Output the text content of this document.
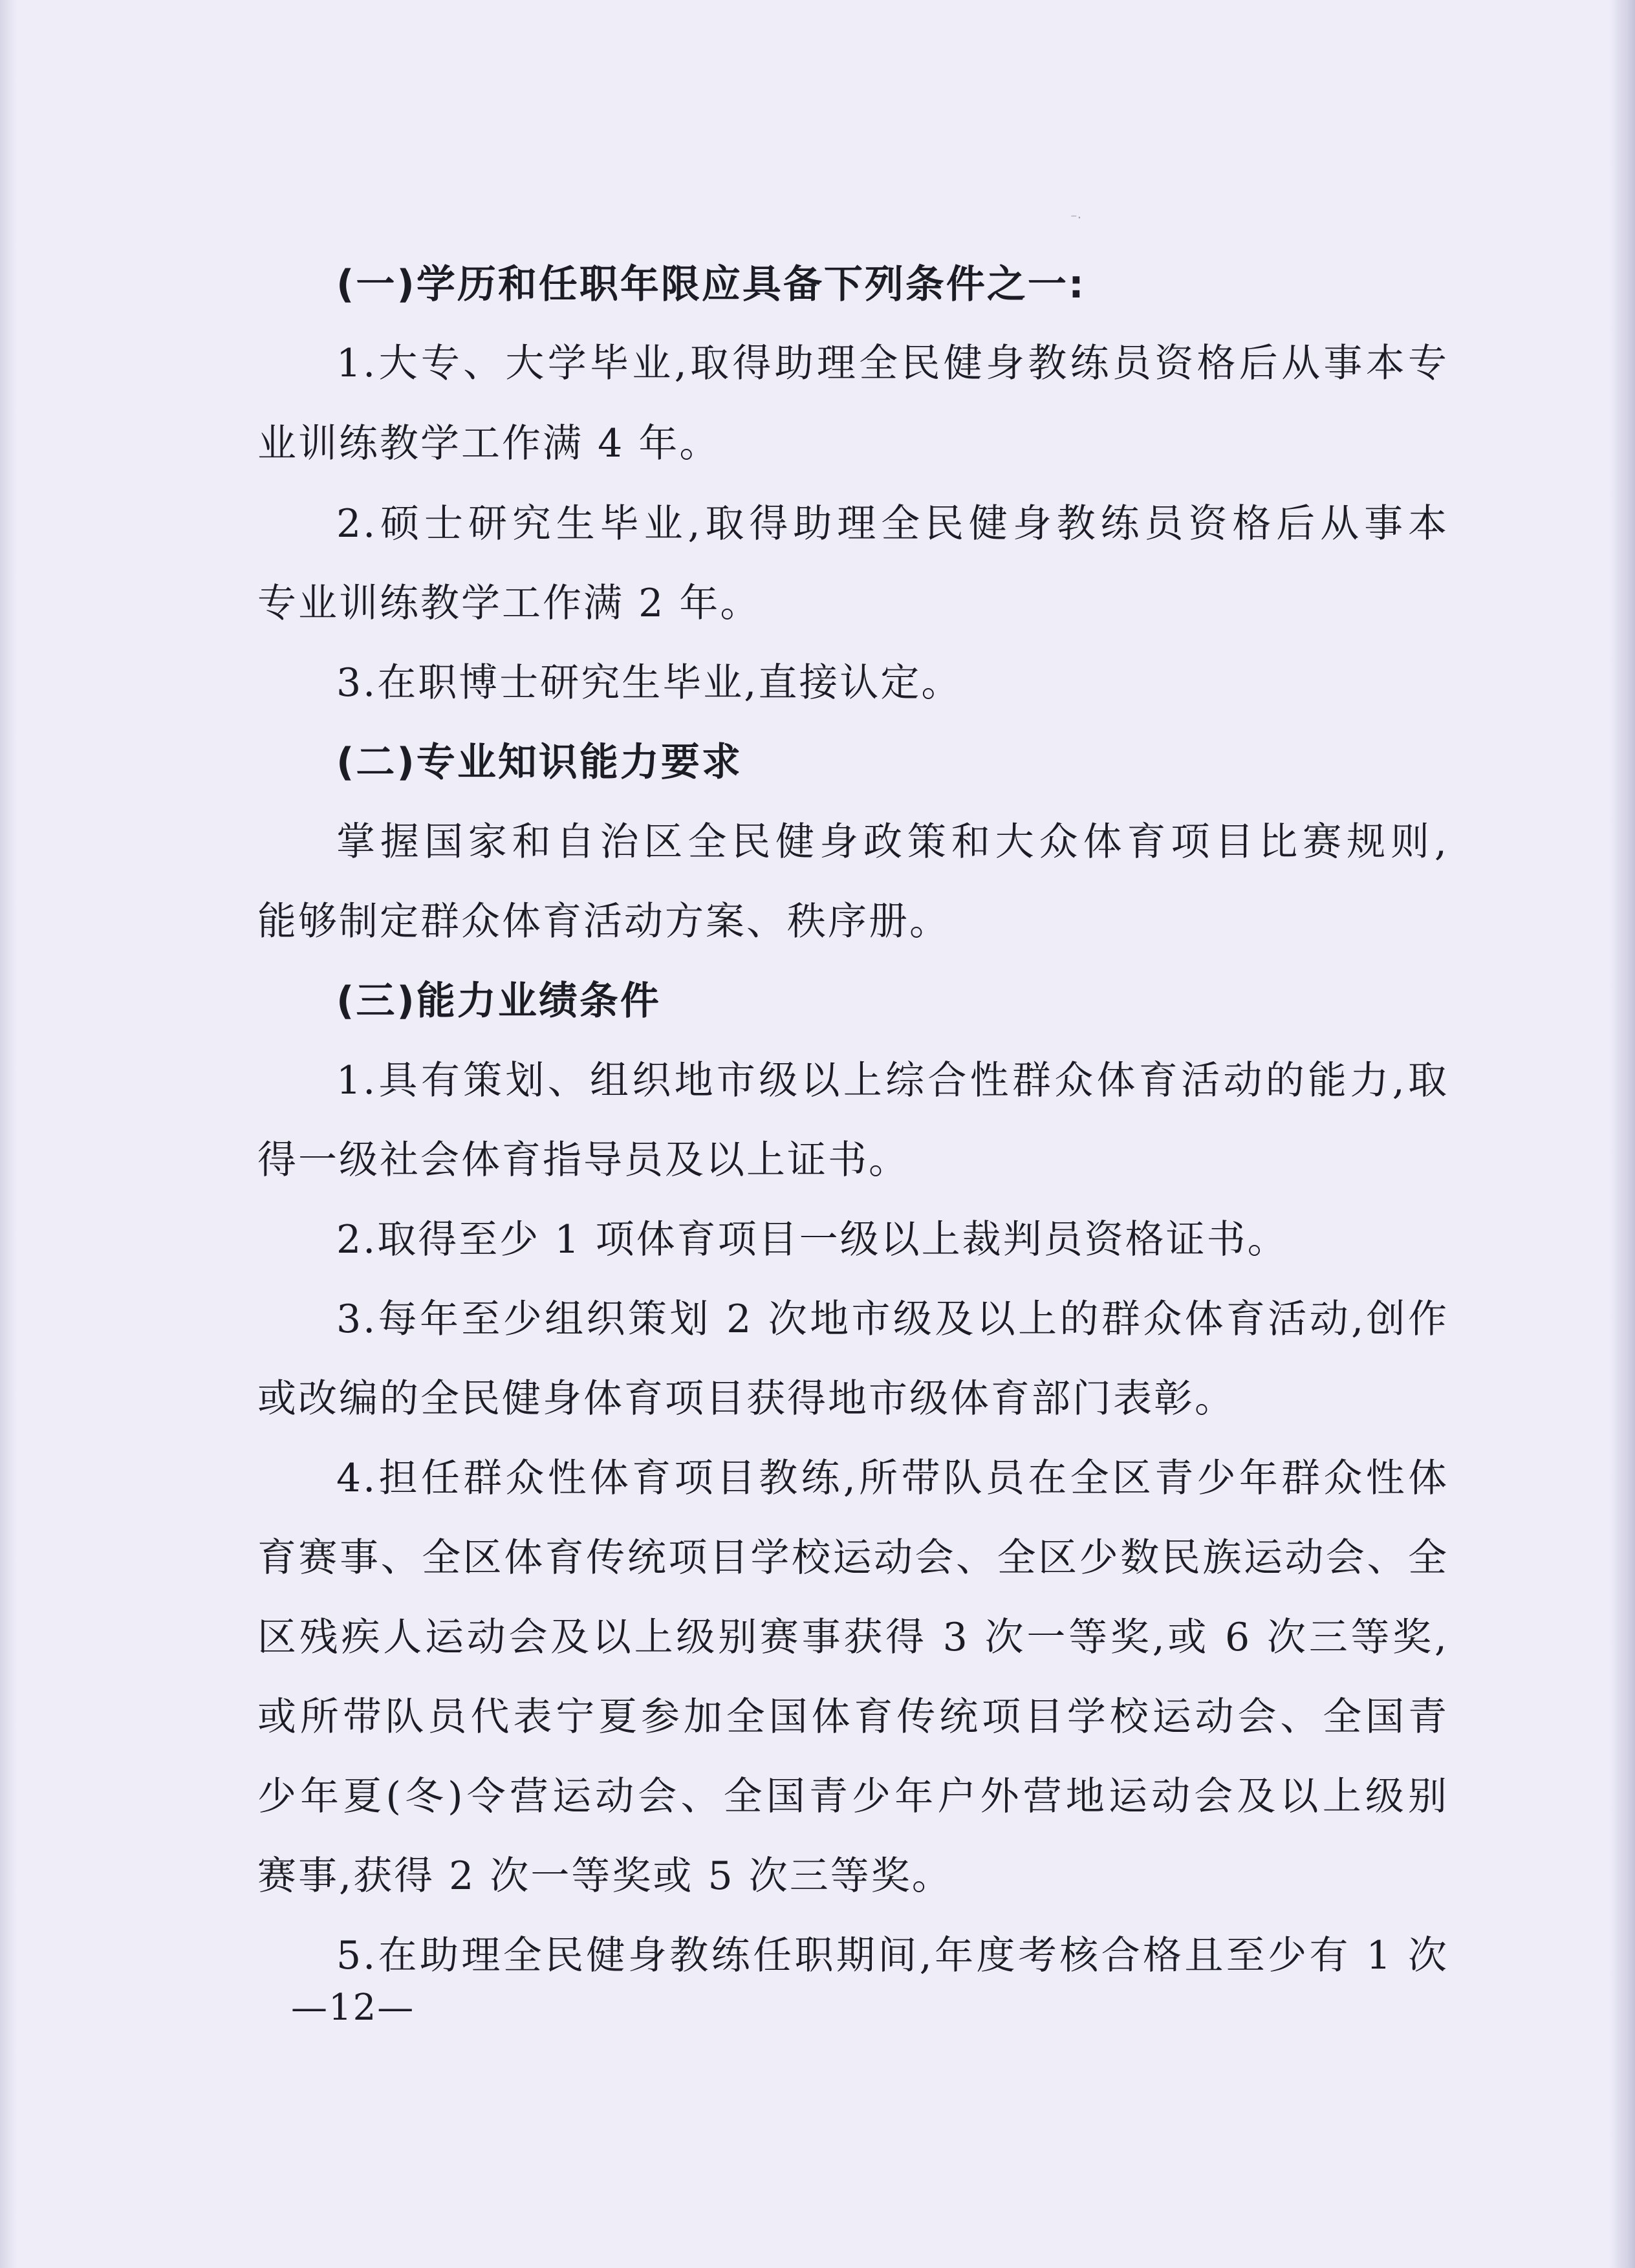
⁻ˑ
(一)学历和任职年限应具备下列条件之一:
1.大专、大学毕业,取得助理全民健身教练员资格后从事本专
业训练教学工作满 4 年。
2.硕士研究生毕业,取得助理全民健身教练员资格后从事本
专业训练教学工作满 2 年。
3.在职博士研究生毕业,直接认定。
(二)专业知识能力要求
掌握国家和自治区全民健身政策和大众体育项目比赛规则,
能够制定群众体育活动方案、秩序册。
(三)能力业绩条件
1.具有策划、组织地市级以上综合性群众体育活动的能力,取
得一级社会体育指导员及以上证书。
2.取得至少 1 项体育项目一级以上裁判员资格证书。
3.每年至少组织策划 2 次地市级及以上的群众体育活动,创作
或改编的全民健身体育项目获得地市级体育部门表彰。
4.担任群众性体育项目教练,所带队员在全区青少年群众性体
育赛事、全区体育传统项目学校运动会、全区少数民族运动会、全
区残疾人运动会及以上级别赛事获得 3 次一等奖,或 6 次三等奖,
或所带队员代表宁夏参加全国体育传统项目学校运动会、全国青
少年夏(冬)令营运动会、全国青少年户外营地运动会及以上级别
赛事,获得 2 次一等奖或 5 次三等奖。
5.在助理全民健身教练任职期间,年度考核合格且至少有 1 次
—12—
